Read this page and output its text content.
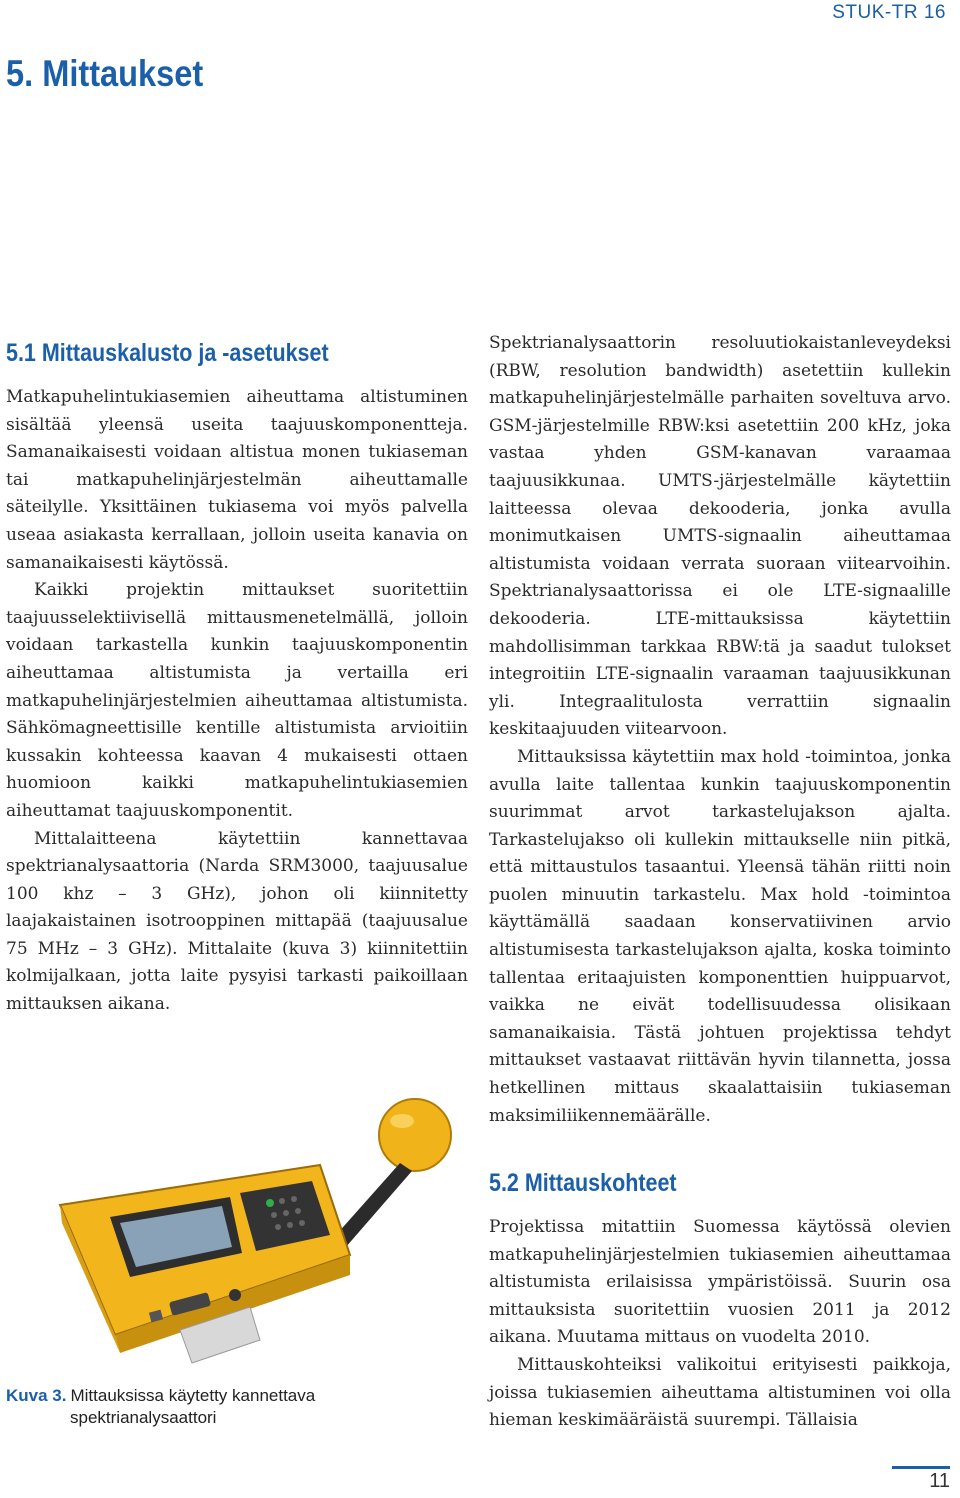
STUK-TR 16
5. Mittaukset
5.1 Mittauskalusto ja -asetukset

Matkapuhelintukiasemien aiheuttama altistuminen sisältää yleensä useita taajuuskomponentteja. Samanaikaisesti voidaan altistua monen tukiaseman tai matkapuhelinjärjestelmän aiheuttamalle säteilylle. Yksittäinen tukiasema voi myös palvella useaa asiakasta kerrallaan, jolloin useita kanavia on samanaikaisesti käytössä.

Kaikki projektin mittaukset suoritettiin taajuusselektiivisellä mittausmenetelmällä, jolloin voidaan tarkastella kunkin taajuuskomponentin aiheuttamaa altistumista ja vertailla eri matkapuhelinjärjestelmien aiheuttamaa altistumista. Sähkömagneettisille kentille altistumista arvioitiin kussakin kohteessa kaavan 4 mukaisesti ottaen huomioon kaikki matkapuhelintukiasemien aiheuttamat taajuuskomponentit.

Mittalaitteena käytettiin kannettavaa spektrianalysaattoria (Narda SRM3000, taajuusalue 100 khz – 3 GHz), johon oli kiinnitetty laajakaistainen isotrooppinen mittapää (taajuusalue 75 MHz – 3 GHz). Mittalaite (kuva 3) kiinnitettiin kolmijalkaan, jotta laite pysyisi tarkasti paikoillaan mittauksen aikana.

Spektrianalysaattorin resoluutiokaistanleveydeksi (RBW, resolution bandwidth) asetettiin kullekin matkapuhelinjärjestelmälle parhaiten soveltuva arvo. GSM-järjestelmille RBW:ksi asetettiin 200 kHz, joka vastaa yhden GSM-kanavan varaamaa taajuusikkunaa. UMTS-järjestelmälle käytettiin laitteessa olevaa dekooderia, jonka avulla monimutkaisen UMTS-signaalin aiheuttamaa altistumista voidaan verrata suoraan viitearvoihin. Spektrianalysaattorissa ei ole LTE-signaalille dekooderia. LTE-mittauksissa käytettiin mahdollisimman tarkkaa RBW:tä ja saadut tulokset integroitiin LTE-signaalin varaaman taajuusikkunan yli. Integraalitulosta verrattiin signaalin keskitaajuuden viitearvoon.

Mittauksissa käytettiin max hold -toimintoa, jonka avulla laite tallentaa kunkin taajuuskomponentin suurimmat arvot tarkastelujakson ajalta. Tarkastelujakso oli kullekin mittaukselle niin pitkä, että mittaustulos tasaantui. Yleensä tähän riitti noin puolen minuutin tarkastelu. Max hold -toimintoa käyttämällä saadaan konservatiivinen arvio altistumisesta tarkastelujakson ajalta, koska toiminto tallentaa eritaajuisten komponenttien huippuarvot, vaikka ne eivät todellisuudessa olisikaan samanaikaisia. Tästä johtuen projektissa tehdyt mittaukset vastaavat riittävän hyvin tilannetta, jossa hetkellinen mittaus skaalattaisiin tukiaseman maksimiliikennemäärälle.

5.2 Mittauskohteet

Projektissa mitattiin Suomessa käytössä olevien matkapuhelinjärjestelmien tukiasemien aiheuttamaa altistumista erilaisissa ympäristöissä. Suurin osa mittauksista suoritettiin vuosien 2011 ja 2012 aikana. Muutama mittaus on vuodelta 2010.

Mittauskohteiksi valikoitui erityisesti paikkoja, joissa tukiasemien aiheuttama altistuminen voi olla hieman keskimääräistä suurempi. Tällaisia

Kuva 3. Mittauksissa käytetty kannettava
spektrianalysaattori
11
